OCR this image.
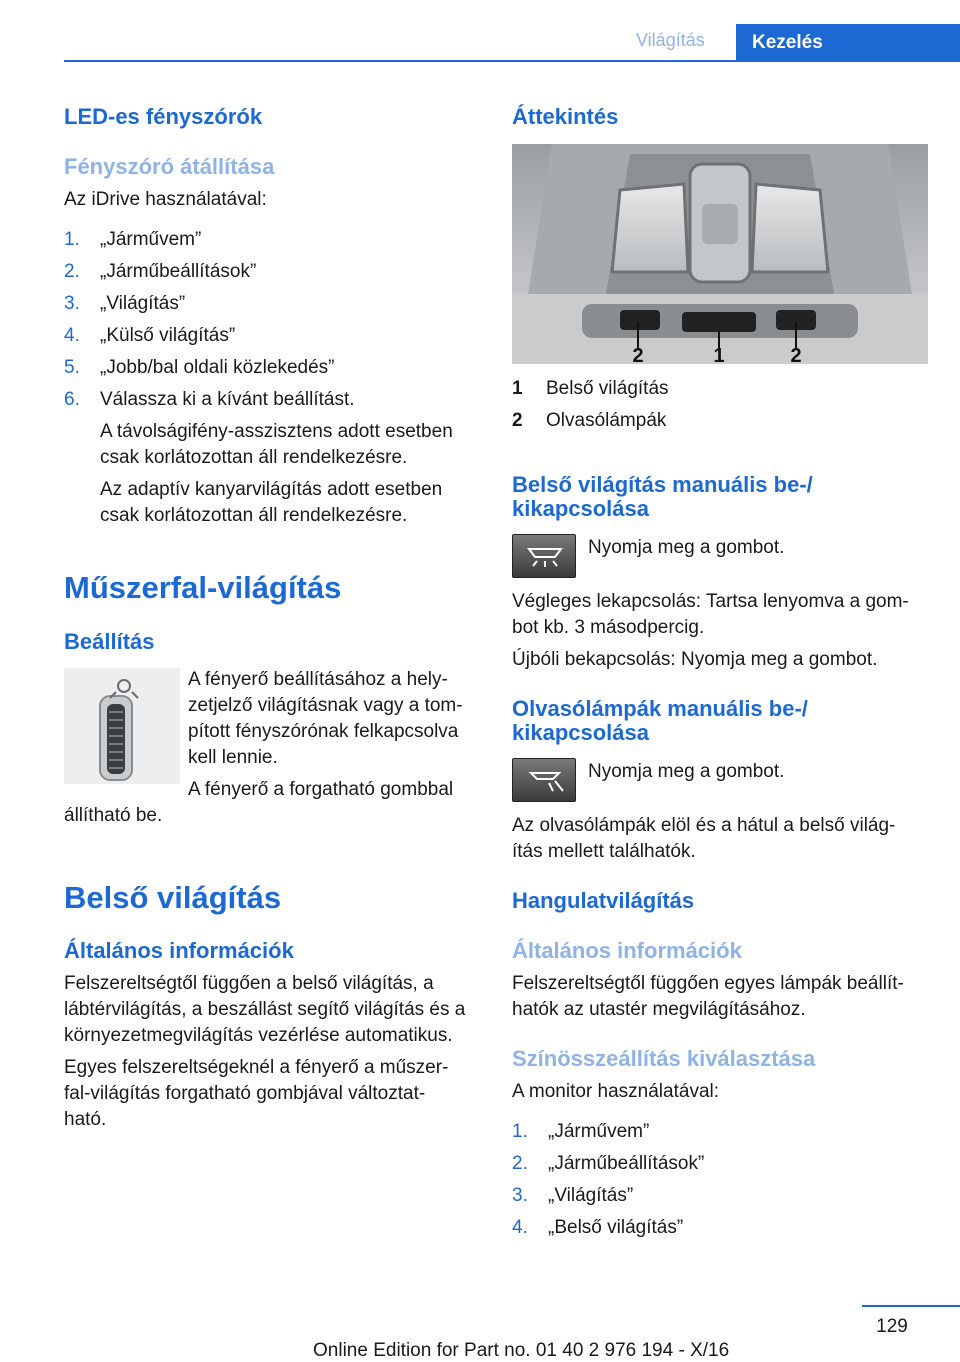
Világítás	Kezelés
LED-es fényszórók
Fényszóró átállítása
Az iDrive használatával:
1. „Járművem”
2. „Járműbeállítások”
3. „Világítás”
4. „Külső világítás”
5. „Jobb/bal oldali közlekedés”
6. Válassza ki a kívánt beállítást.
A távolságifény-asszisztens adott esetben
csak korlátozottan áll rendelkezésre.
Az adaptív kanyarvilágítás adott esetben
csak korlátozottan áll rendelkezésre.
Műszerfal-világítás
Beállítás
A fényerő beállításához a hely-
zetjelző világításnak vagy a tom-
pított fényszórónak felkapcsolva
kell lennie.
A fényerő a forgatható gombbal
állítható be.
Belső világítás
Általános információk
Felszereltségtől függően a belső világítás, a
lábtérvilágítás, a beszállást segítő világítás és a
környezetmegvilágítás vezérlése automatikus.
Egyes felszereltségeknél a fényerő a műszer-
fal-világítás forgatható gombjával változtat-
ható.
Áttekintés
2	1	2
1 Belső világítás
2 Olvasólámpák
Belső világítás manuális be-/
kikapcsolása
Nyomja meg a gombot.
Végleges lekapcsolás: Tartsa lenyomva a gom-
bot kb. 3 másodpercig.
Újbóli bekapcsolás: Nyomja meg a gombot.
Olvasólámpák manuális be-/
kikapcsolása
Nyomja meg a gombot.
Az olvasólámpák elöl és a hátul a belső világ-
ítás mellett találhatók.
Hangulatvilágítás
Általános információk
Felszereltségtől függően egyes lámpák beállít-
hatók az utastér megvilágításához.
Színösszeállítás kiválasztása
A monitor használatával:
1. „Járművem”
2. „Járműbeállítások”
3. „Világítás”
4. „Belső világítás”
129
Online Edition for Part no. 01 40 2 976 194 - X/16
